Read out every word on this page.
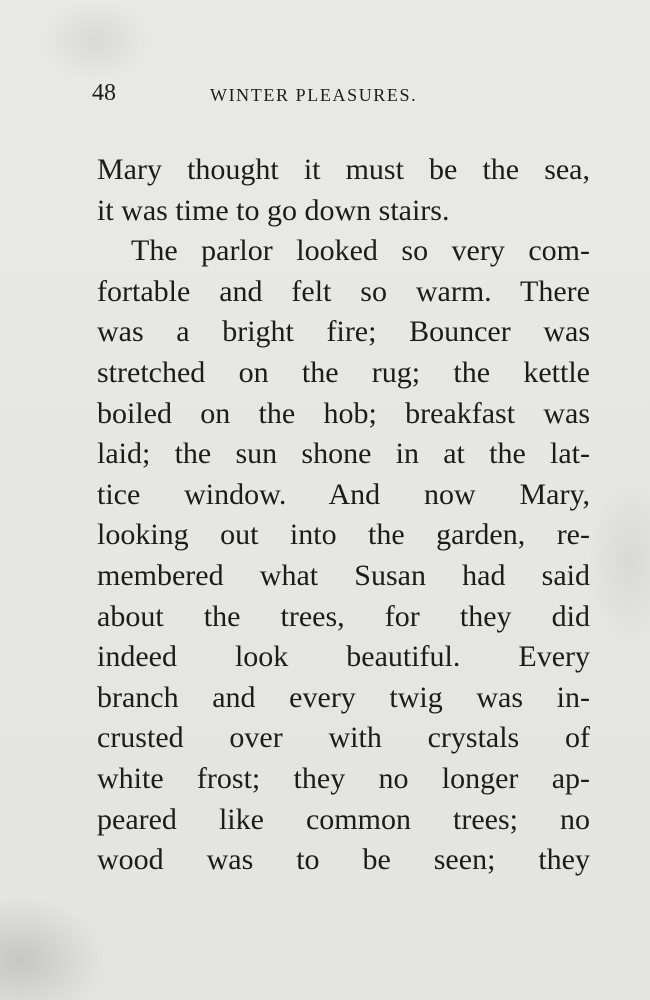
48	WINTER PLEASURES.
Mary thought it must be the sea,
it was time to go down stairs.
The parlor looked so very com-
fortable and felt so warm. There
was a bright fire; Bouncer was
stretched on the rug; the kettle
boiled on the hob; breakfast was
laid; the sun shone in at the lat-
tice window. And now Mary,
looking out into the garden, re-
membered what Susan had said
about the trees, for they did
indeed look beautiful. Every
branch and every twig was in-
crusted over with crystals of
white frost; they no longer ap-
peared like common trees; no
wood was to be seen; they
